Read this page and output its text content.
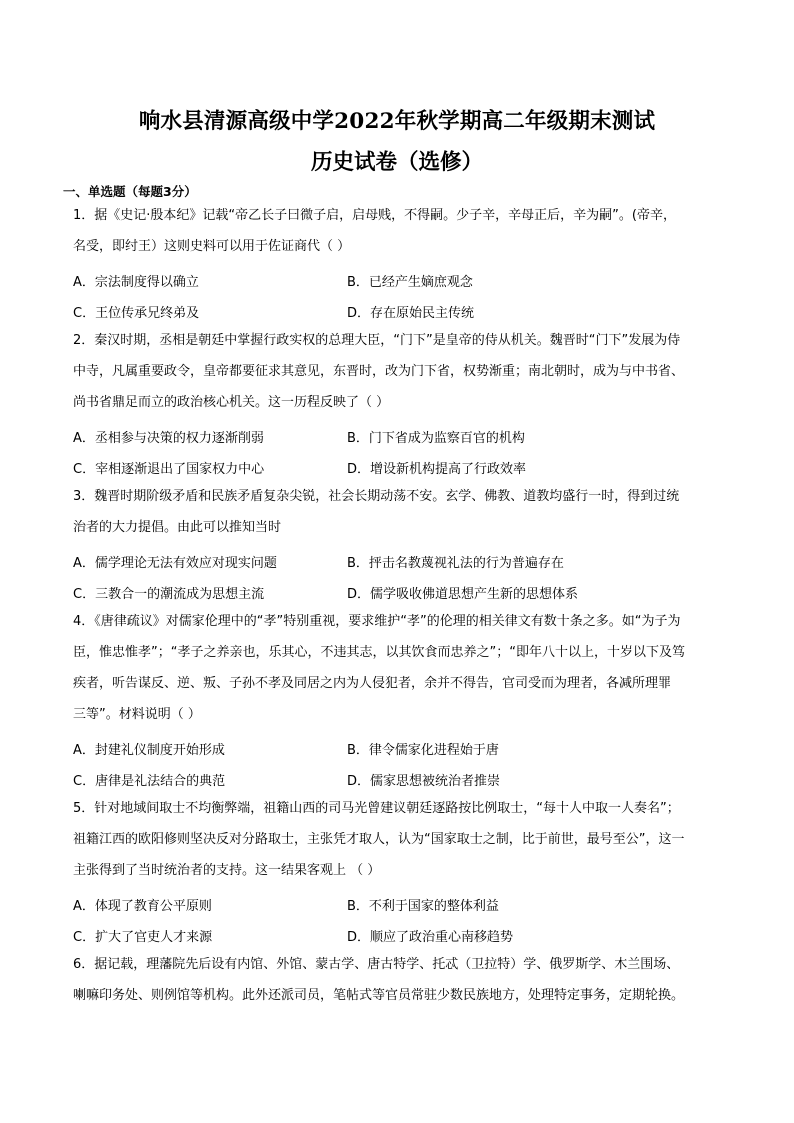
响水县清源高级中学2022年秋学期高二年级期末测试
历史试卷（选修）
一、单选题（每题3分）
1．据《史记·殷本纪》记载“帝乙长子曰微子启，启母贱，不得嗣。少子辛，辛母正后，辛为嗣”。(帝辛，
名受，即纣王）这则史料可以用于佐证商代（ ）
A．宗法制度得以确立	B．已经产生嫡庶观念
C．王位传承兄终弟及	D．存在原始民主传统
2．秦汉时期，丞相是朝廷中掌握行政实权的总理大臣，“门下”是皇帝的侍从机关。魏晋时“门下”发展为侍
中寺，凡属重要政令，皇帝都要征求其意见，东晋时，改为门下省，权势渐重；南北朝时，成为与中书省、
尚书省鼎足而立的政治核心机关。这一历程反映了（ ）
A．丞相参与决策的权力逐渐削弱	B．门下省成为监察百官的机构
C．宰相逐渐退出了国家权力中心	D．增设新机构提高了行政效率
3．魏晋时期阶级矛盾和民族矛盾复杂尖锐，社会长期动荡不安。玄学、佛教、道教均盛行一时，得到过统
治者的大力提倡。由此可以推知当时
A．儒学理论无法有效应对现实问题	B．抨击名教蔑视礼法的行为普遍存在
C．三教合一的潮流成为思想主流	D．儒学吸收佛道思想产生新的思想体系
4．《唐律疏议》对儒家伦理中的“孝”特别重视，要求维护“孝”的伦理的相关律文有数十条之多。如“为子为
臣，惟忠惟孝”；“孝子之养亲也，乐其心，不违其志，以其饮食而忠养之”；“即年八十以上，十岁以下及笃
疾者，听告谋反、逆、叛、子孙不孝及同居之内为人侵犯者，余并不得告，官司受而为理者，各减所理罪
三等”。材料说明（ ）
A．封建礼仪制度开始形成	B．律令儒家化进程始于唐
C．唐律是礼法结合的典范	D．儒家思想被统治者推崇
5．针对地域间取士不均衡弊端，祖籍山西的司马光曾建议朝廷逐路按比例取士，“每十人中取一人奏名”；
祖籍江西的欧阳修则坚决反对分路取士，主张凭才取人，认为“国家取士之制，比于前世，最号至公”，这一
主张得到了当时统治者的支持。这一结果客观上 （ ）
A．体现了教育公平原则	B．不利于国家的整体利益
C．扩大了官吏人才来源	D．顺应了政治重心南移趋势
6．据记载，理藩院先后设有内馆、外馆、蒙古学、唐古特学、托忒（卫拉特）学、俄罗斯学、木兰围场、
喇嘛印务处、则例馆等机构。此外还派司员，笔帖式等官员常驻少数民族地方，处理特定事务，定期轮换。
